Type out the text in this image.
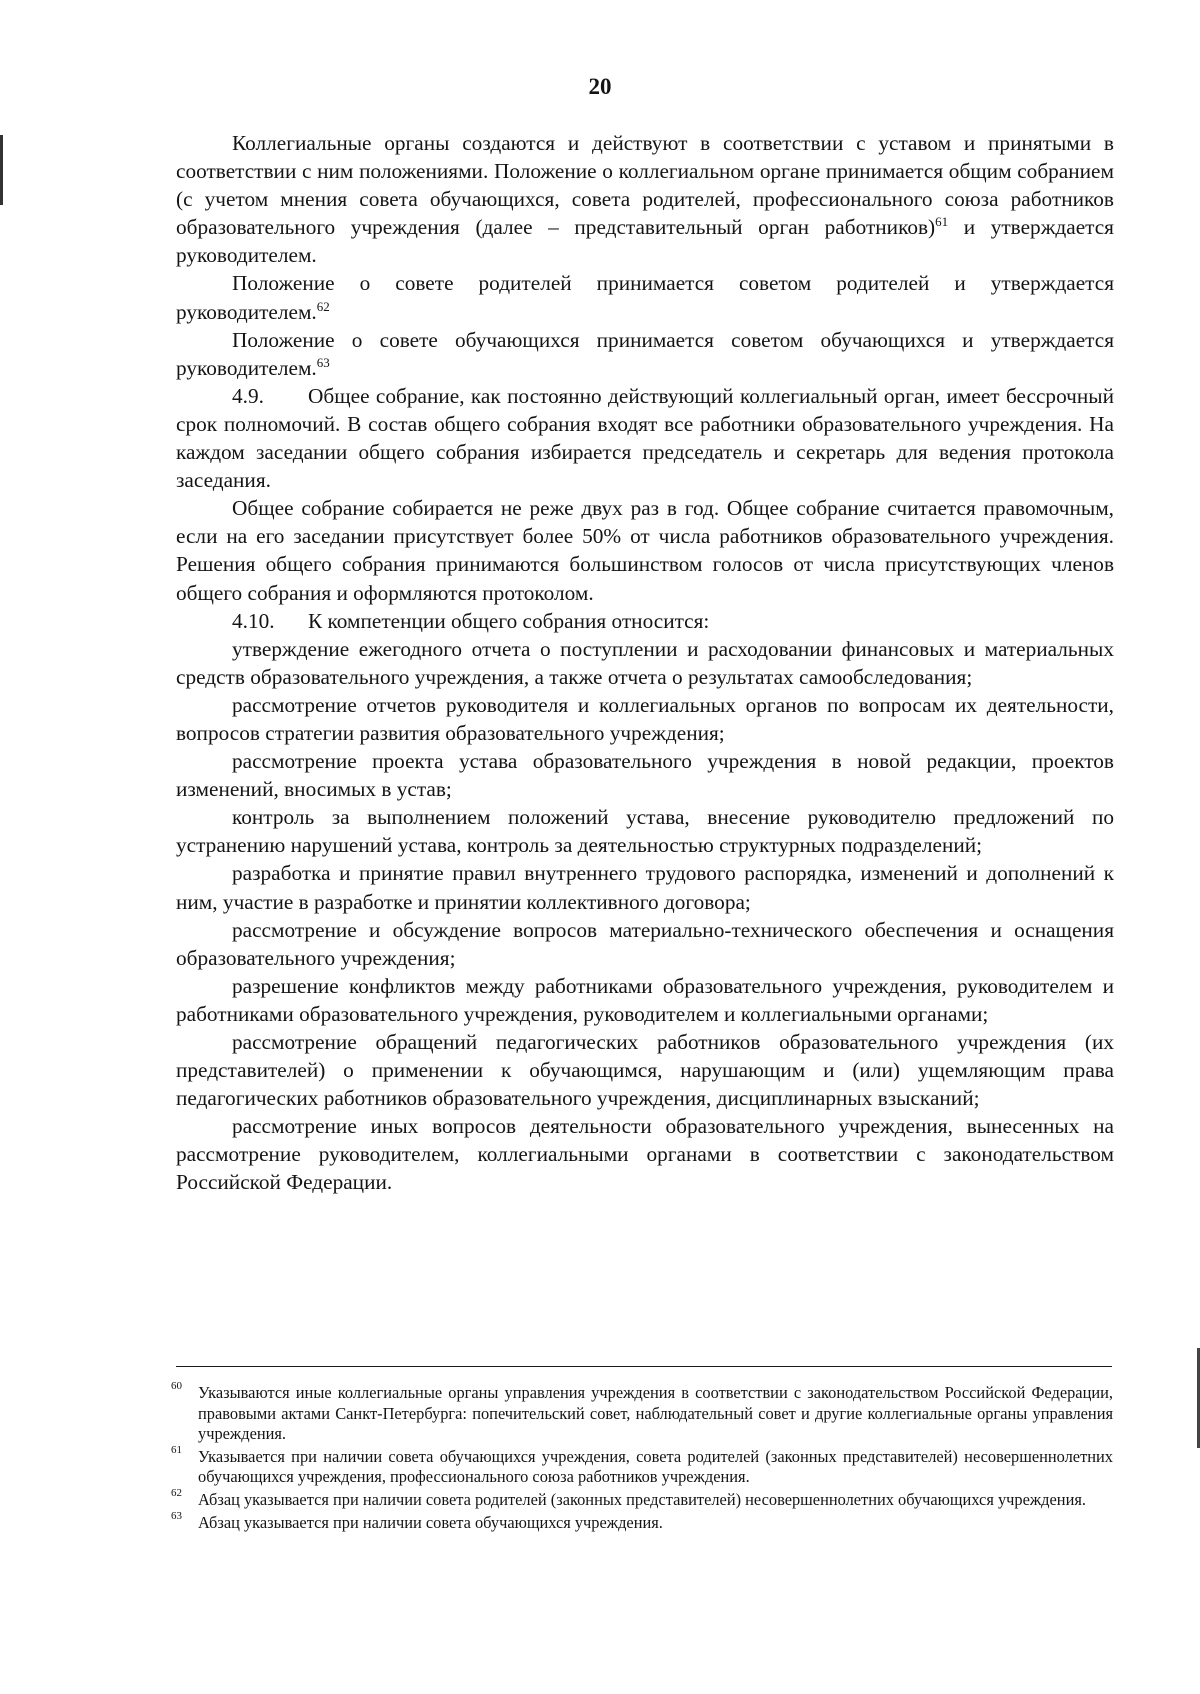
20

Коллегиальные органы создаются и действуют в соответствии с уставом и принятыми в соответствии с ним положениями. Положение о коллегиальном органе принимается общим собранием (с учетом мнения совета обучающихся, совета родителей, профессионального союза работников образовательного учреждения (далее – представительный орган работников)$^{61}$ и утверждается руководителем.

Положение о совете родителей принимается советом родителей и утверждается руководителем.$^{62}$

Положение о совете обучающихся принимается советом обучающихся и утверждается руководителем.$^{63}$

4.9. Общее собрание, как постоянно действующий коллегиальный орган, имеет бессрочный срок полномочий. В состав общего собрания входят все работники образовательного учреждения. На каждом заседании общего собрания избирается председатель и секретарь для ведения протокола заседания.

Общее собрание собирается не реже двух раз в год. Общее собрание считается правомочным, если на его заседании присутствует более 50% от числа работников образовательного учреждения. Решения общего собрания принимаются большинством голосов от числа присутствующих членов общего собрания и оформляются протоколом.

4.10. К компетенции общего собрания относится:

утверждение ежегодного отчета о поступлении и расходовании финансовых и материальных средств образовательного учреждения, а также отчета о результатах самообследования;

рассмотрение отчетов руководителя и коллегиальных органов по вопросам их деятельности, вопросов стратегии развития образовательного учреждения;

рассмотрение проекта устава образовательного учреждения в новой редакции, проектов изменений, вносимых в устав;

контроль за выполнением положений устава, внесение руководителю предложений по устранению нарушений устава, контроль за деятельностью структурных подразделений;

разработка и принятие правил внутреннего трудового распорядка, изменений и дополнений к ним, участие в разработке и принятии коллективного договора;

рассмотрение и обсуждение вопросов материально-технического обеспечения и оснащения образовательного учреждения;

разрешение конфликтов между работниками образовательного учреждения, руководителем и работниками образовательного учреждения, руководителем и коллегиальными органами;

рассмотрение обращений педагогических работников образовательного учреждения (их представителей) о применении к обучающимся, нарушающим и (или) ущемляющим права педагогических работников образовательного учреждения, дисциплинарных взысканий;

рассмотрение иных вопросов деятельности образовательного учреждения, вынесенных на рассмотрение руководителем, коллегиальными органами в соответствии с законодательством Российской Федерации.

60 Указываются иные коллегиальные органы управления учреждения в соответствии с законодательством Российской Федерации, правовыми актами Санкт-Петербурга: попечительский совет, наблюдательный совет и другие коллегиальные органы управления учреждения.
61 Указывается при наличии совета обучающихся учреждения, совета родителей (законных представителей) несовершеннолетних обучающихся учреждения, профессионального союза работников учреждения.
62 Абзац указывается при наличии совета родителей (законных представителей) несовершеннолетних обучающихся учреждения.
63 Абзац указывается при наличии совета обучающихся учреждения.
